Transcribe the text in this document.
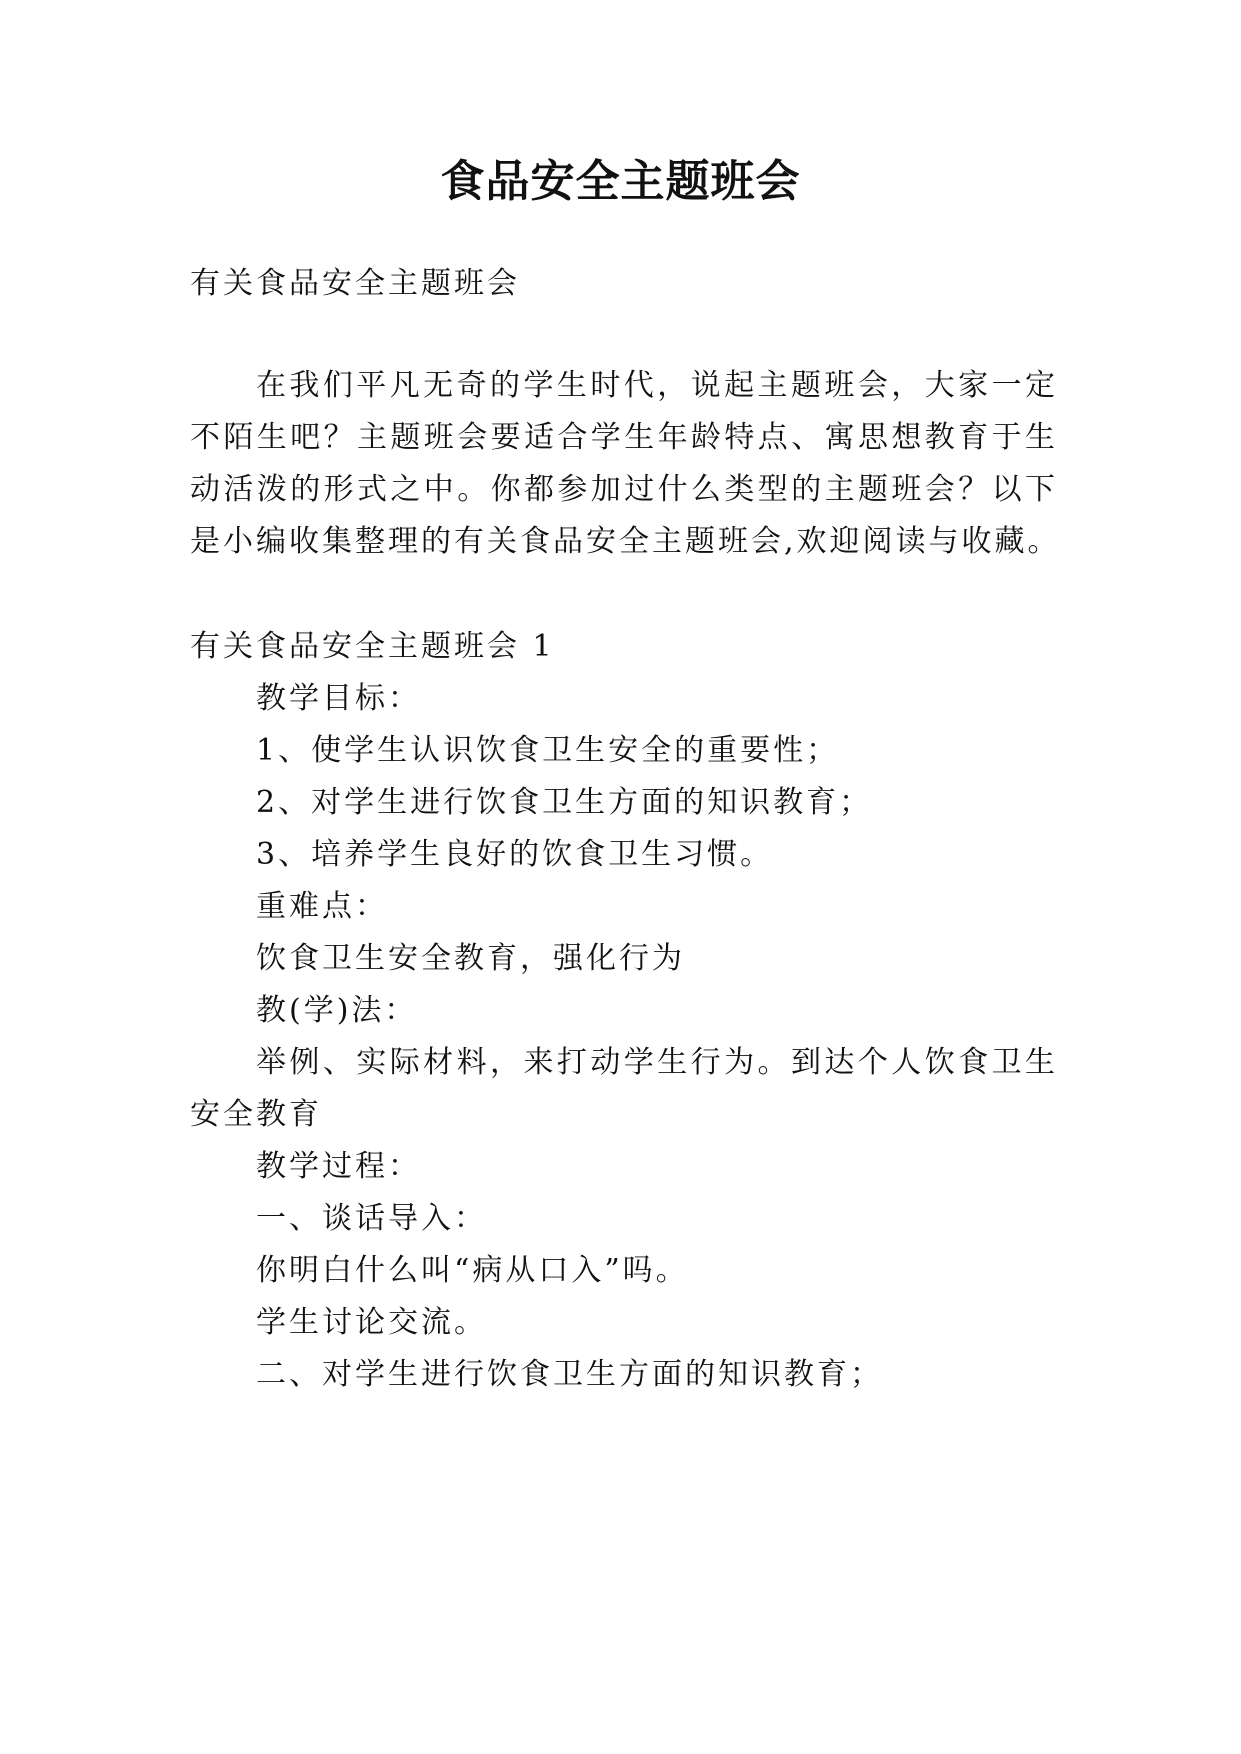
食品安全主题班会
有关食品安全主题班会
在我们平凡无奇的学生时代，说起主题班会，大家一定
不陌生吧？主题班会要适合学生年龄特点、寓思想教育于生
动活泼的形式之中。你都参加过什么类型的主题班会？以下
是小编收集整理的有关食品安全主题班会,欢迎阅读与收藏。
有关食品安全主题班会 1
教学目标：
1、使学生认识饮食卫生安全的重要性；
2、对学生进行饮食卫生方面的知识教育；
3、培养学生良好的饮食卫生习惯。
重难点：
饮食卫生安全教育，强化行为
教(学)法：
举例、实际材料，来打动学生行为。到达个人饮食卫生
安全教育
教学过程：
一、谈话导入：
你明白什么叫“病从口入”吗。
学生讨论交流。
二、对学生进行饮食卫生方面的知识教育；
